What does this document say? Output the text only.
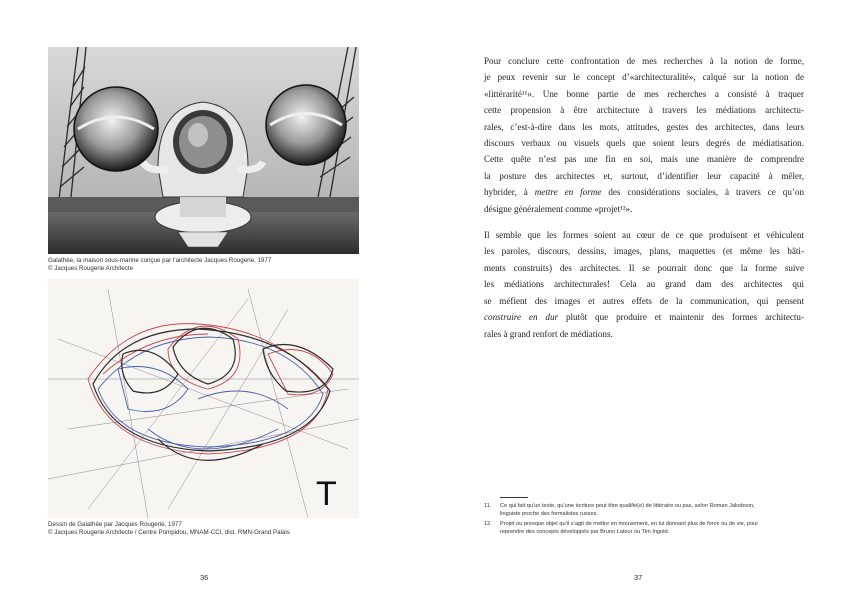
Galathée, la maison sous-marine conçue par l’architecte Jacques Rougerie, 1977
© Jacques Rougerie Architecte
T
Dessin de Galathée par Jacques Rougerie, 1977
© Jacques Rougerie Architecte / Centre Pompidou, MNAM-CCI, dist. RMN-Grand Palais
36

Pour conclure cette confrontation de mes recherches à la notion de forme,
je peux revenir sur le concept d’«architecturalité», calqué sur la notion de
«littérarité¹¹». Une bonne partie de mes recherches a consisté à traquer
cette propension à être architecture à travers les médiations architectu-
rales, c’est-à-dire dans les mots, attitudes, gestes des architectes, dans leurs
discours verbaux ou visuels quels que soient leurs degrés de médiatisation.
Cette quête n’est pas une fin en soi, mais une manière de comprendre
la posture des architectes et, surtout, d’identifier leur capacité à mêler,
hybrider, à mettre en forme des considérations sociales, à travers ce qu’on
désigne généralement comme «projet¹²».

Il semble que les formes soient au cœur de ce que produisent et véhiculent
les paroles, discours, dessins, images, plans, maquettes (et même les bâti-
ments construits) des architectes. Il se pourrait donc que la forme suive
les médiations architecturales! Cela au grand dam des architectes qui
se méfient des images et autres effets de la communication, qui pensent
construire en dur plutôt que produire et maintenir des formes architectu-
rales à grand renfort de médiations.

11. Ce qui fait qu’un texte, qu’une écriture peut être qualifié(e) de littéraire ou pas, selon Roman Jakobson,
linguiste proche des formalistes russes.
12. Projet ou presque objet qu’il s’agit de mettre en mouvement, en lui donnant plus de force ou de vie, pour
reprendre des concepts développés par Bruno Latour ou Tim Ingold.
37
